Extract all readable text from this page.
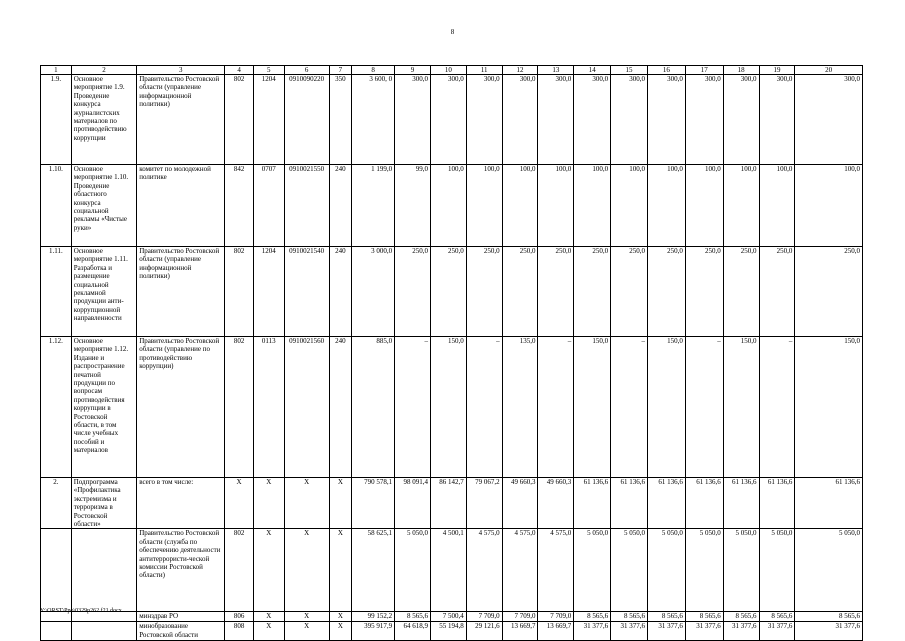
8
1	2	3	4	5	6	7	8	9	10	11	12	13	14	15	16	17	18	19	20
1.9.	Основное мероприятие 1.9. Проведение конкурса журналистских материалов по противодействию коррупции	Правительство Ростовской области (управление информационной политики)	802	1204	0910090220	350	3 600, 0	300,0	300,0	300,0	300,0	300,0	300,0	300,0	300,0	300,0	300,0	300,0	300,0
1.10.	Основное мероприятие 1.10. Проведение областного конкурса социальной рекламы «Чистые руки»	комитет по молодежной политике	842	0707	0910021550	240	1 199,0	99,0	100,0	100,0	100,0	100,0	100,0	100,0	100,0	100,0	100,0	100,0	100,0
1.11.	Основное мероприятие 1.11. Разработка и размещение социальной рекламной продукции анти-коррупционной направленности	Правительство Ростовской области (управление информационной политики)	802	1204	0910021540	240	3 000,0	250,0	250,0	250,0	250,0	250,0	250,0	250,0	250,0	250,0	250,0	250,0	250,0
1.12.	Основное мероприятие 1.12. Издание и распространение печатной продукции по вопросам противодействия коррупции в Ростовской области, в том числе учебных пособий и материалов	Правительство Ростовской области (управление по противодействию коррупции)	802	0113	0910021560	240	885,0	–	150,0	–	135,0	–	150,0	–	150,0	–	150,0	–	150,0
2.	Подпрограмма «Профилактика экстремизма и терроризма в Ростовской области»	всего в том числе:	X	X	X	X	790 578,1	98 091,4	86 142,7	79 067,2	49 660,3	49 660,3	61 136,6	61 136,6	61 136,6	61 136,6	61 136,6	61 136,6	61 136,6
		Правительство Ростовской области (служба по обеспечению деятельности антитеррористи-ческой комиссии Ростовской области)	802	X	X	X	58 625,1	5 050,0	4 500,1	4 575,0	4 575,0	4 575,0	5 050,0	5 050,0	5 050,0	5 050,0	5 050,0	5 050,0	5 050,0
		минздрав РО	806	X	X	X	99 152,2	8 565,6	7 500,4	7 709,0	7 709,0	7 709,0	8 565,6	8 565,6	8 565,6	8 565,6	8 565,6	8 565,6	8 565,6
		минобразование Ростовской области	808	X	X	X	395 917,9	64 618,9	55 194,8	29 121,6	13 669,7	13 669,7	31 377,6	31 377,6	31 377,6	31 377,6	31 377,6	31 377,6	31 377,6
Y:\ORST\Ppo\0329p262.f21.docx
